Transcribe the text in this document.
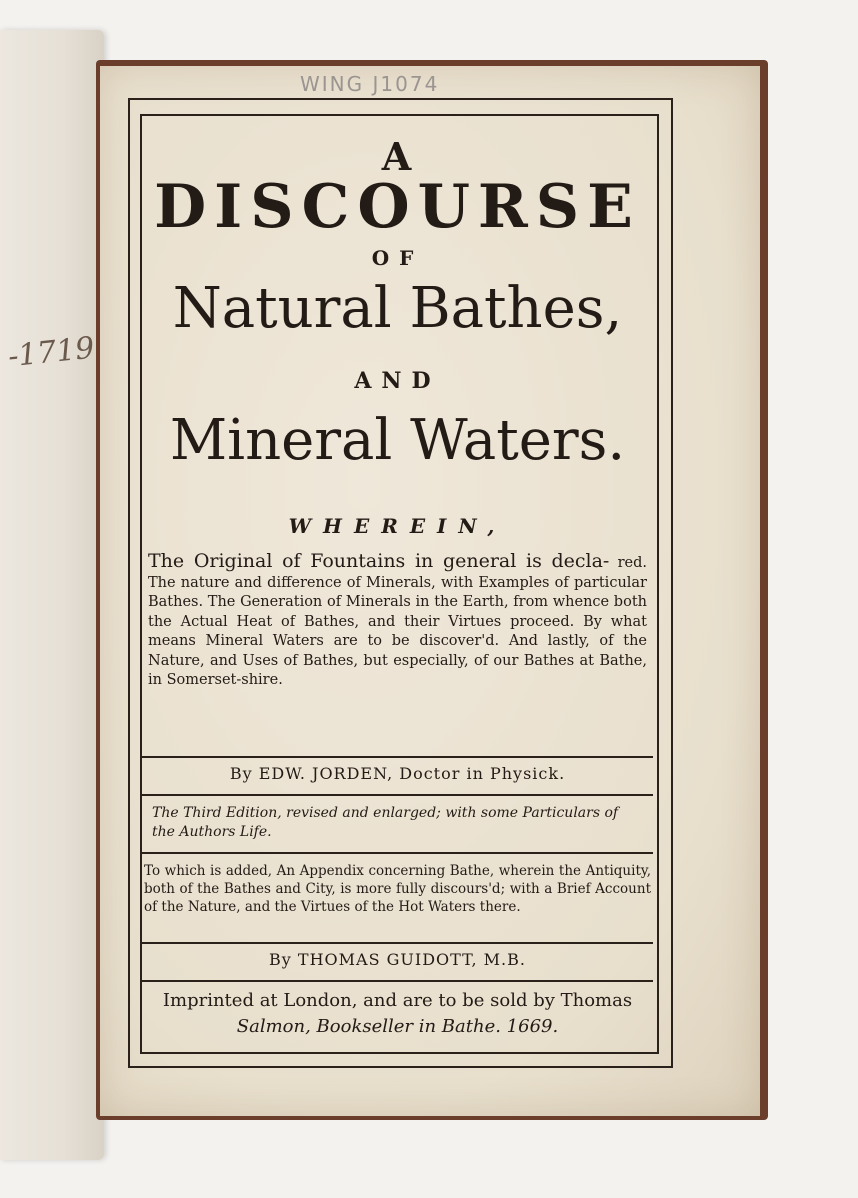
-1719
WING J1074
A
DISCOURSE
OF
Natural Bathes,
AND
Mineral Waters.
WHEREIN,
The Original of Fountains in general is decla- red. The nature and difference of Minerals, with Examples of particular Bathes. The Generation of Minerals in the Earth, from whence both the Actual Heat of Bathes, and their Virtues proceed. By what means Mineral Waters are to be discover'd. And lastly, of the Nature, and Uses of Bathes, but especially, of our Bathes at Bathe, in Somerset-shire.
By EDW. JORDEN, Doctor in Physick.
The Third Edition, revised and enlarged; with some Particulars of the Authors Life.
To which is added, An Appendix concerning Bathe, wherein the Antiquity, both of the Bathes and City, is more fully discours'd; with a Brief Account of the Nature, and the Virtues of the Hot Waters there.
By THOMAS GUIDOTT, M.B.
Imprinted at London, and are to be sold by Thomas
Salmon, Bookseller in Bathe. 1669.
